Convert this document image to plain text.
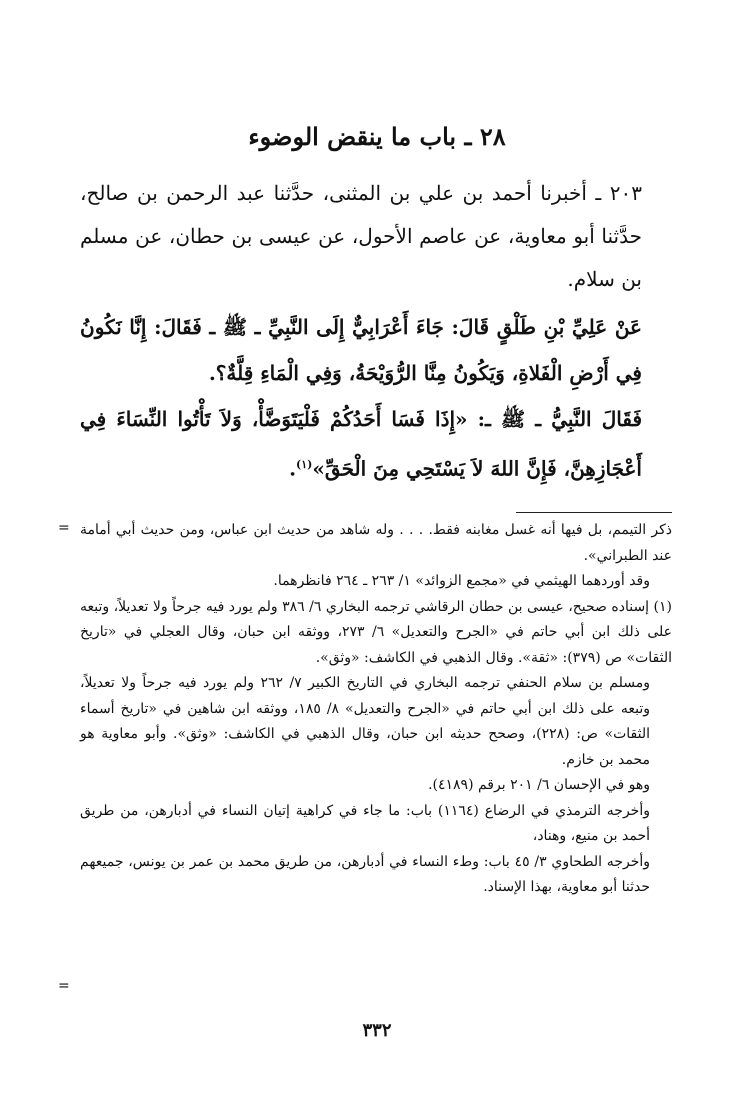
٢٨ ـ باب ما ينقض الوضوء
٢٠٣ ـ أخبرنا أحمد بن علي بن المثنى، حدَّثنا عبد الرحمن بن صالح، حدَّثنا أبو معاوية، عن عاصم الأحول، عن عيسى بن حطان، عن مسلم بن سلام.
عَنْ عَلِيِّ بْنِ طَلْقٍ قَالَ: جَاءَ أَعْرَابِيٌّ إِلَى النَّبِيِّ ـ ﷺ ـ فَقَالَ: إِنَّا نَكُونُ فِي أَرْضِ الْفَلاةِ، وَيَكُونُ مِنَّا الرُّوَيْحَةُ، وَفِي الْمَاءِ قِلَّةٌ؟.
فَقَالَ النَّبِيُّ ـ ﷺ ـ: «إِذَا فَسَا أَحَدُكُمْ فَلْيَتَوَضَّأْ، وَلاَ تَأْتُوا النِّسَاءَ فِي أَعْجَازِهِنَّ، فَإِنَّ اللهَ لاَ يَسْتَحِي مِنَ الْحَقِّ»$^{(١)}$.
= ذكر التيمم، بل فيها أنه غسل مغابنه فقط. . . . وله شاهد من حديث ابن عباس، ومن حديث أبي أمامة عند الطبراني».

وقد أوردهما الهيثمي في «مجمع الزوائد» ١/ ٢٦٣ ـ ٢٦٤ فانظرهما.

(١) إسناده صحيح، عيسى بن حطان الرقاشي ترجمه البخاري ٦/ ٣٨٦ ولم يورد فيه جرحاً ولا تعديلاً، وتبعه على ذلك ابن أبي حاتم في «الجرح والتعديل» ٦/ ٢٧٣، ووثقه ابن حبان، وقال العجلي في «تاريخ الثقات» ص (٣٧٩): «ثقة». وقال الذهبي في الكاشف: «وثق».

ومسلم بن سلام الحنفي ترجمه البخاري في التاريخ الكبير ٧/ ٢٦٢ ولم يورد فيه جرحاً ولا تعديلاً، وتبعه على ذلك ابن أبي حاتم في «الجرح والتعديل» ٨/ ١٨٥، ووثقه ابن شاهين في «تاريخ أسماء الثقات» ص: (٢٢٨)، وصحح حديثه ابن حبان، وقال الذهبي في الكاشف: «وثق». وأبو معاوية هو محمد بن خازم.

وهو في الإحسان ٦/ ٢٠١ برقم (٤١٨٩).

وأخرجه الترمذي في الرضاع (١١٦٤) باب: ما جاء في كراهية إتيان النساء في أدبارهن، من طريق أحمد بن منيع، وهناد،

وأخرجه الطحاوي ٣/ ٤٥ باب: وطء النساء في أدبارهن، من طريق محمد بن عمر بن يونس، جميعهم حدثنا أبو معاوية، بهذا الإسناد.

=
٣٣٢
